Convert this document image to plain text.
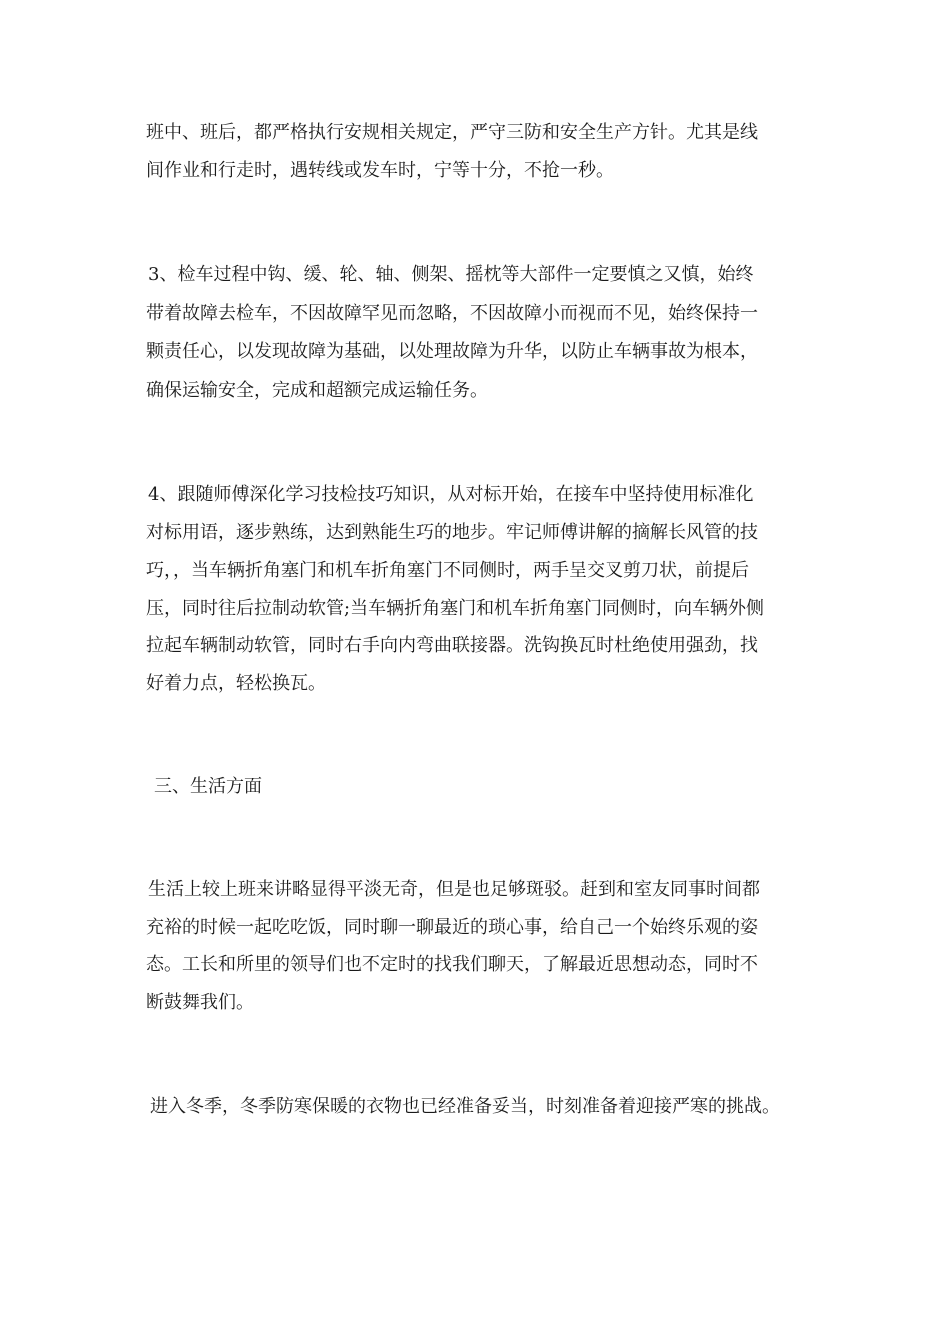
班中、班后，都严格执行安规相关规定，严守三防和安全生产方针。尤其是线
间作业和行走时，遇转线或发车时，宁等十分，不抢一秒。
3、检车过程中钩、缓、轮、轴、侧架、摇枕等大部件一定要慎之又慎，始终
带着故障去检车，不因故障罕见而忽略，不因故障小而视而不见，始终保持一
颗责任心，以发现故障为基础，以处理故障为升华，以防止车辆事故为根本，
确保运输安全，完成和超额完成运输任务。
4、跟随师傅深化学习技检技巧知识，从对标开始，在接车中坚持使用标准化
对标用语，逐步熟练，达到熟能生巧的地步。牢记师傅讲解的摘解长风管的技
巧，，当车辆折角塞门和机车折角塞门不同侧时，两手呈交叉剪刀状，前提后
压，同时往后拉制动软管;当车辆折角塞门和机车折角塞门同侧时，向车辆外侧
拉起车辆制动软管，同时右手向内弯曲联接器。洗钩换瓦时杜绝使用强劲，找
好着力点，轻松换瓦。
三、生活方面
生活上较上班来讲略显得平淡无奇，但是也足够斑驳。赶到和室友同事时间都
充裕的时候一起吃吃饭，同时聊一聊最近的琐心事，给自己一个始终乐观的姿
态。工长和所里的领导们也不定时的找我们聊天，了解最近思想动态，同时不
断鼓舞我们。
进入冬季，冬季防寒保暖的衣物也已经准备妥当，时刻准备着迎接严寒的挑战。
